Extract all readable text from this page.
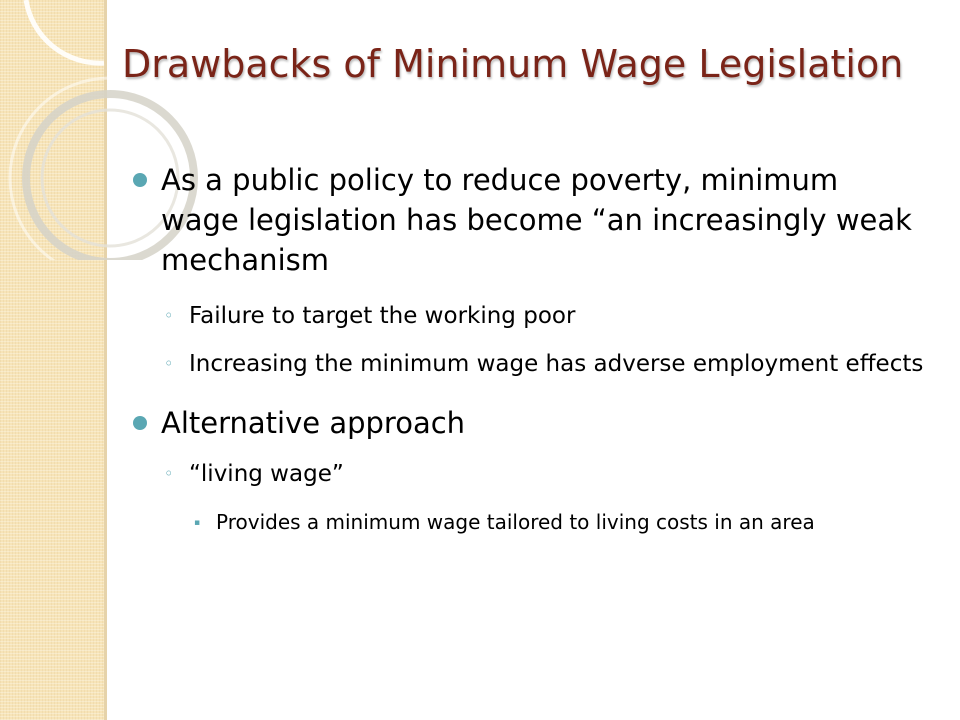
Drawbacks of Minimum Wage Legislation
As a public policy to reduce poverty, minimum wage legislation has become “an increasingly weak mechanism
◦ Failure to target the working poor
◦ Increasing the minimum wage has adverse employment effects
Alternative approach
◦ “living wage”
▪ Provides a minimum wage tailored to living costs in an area
